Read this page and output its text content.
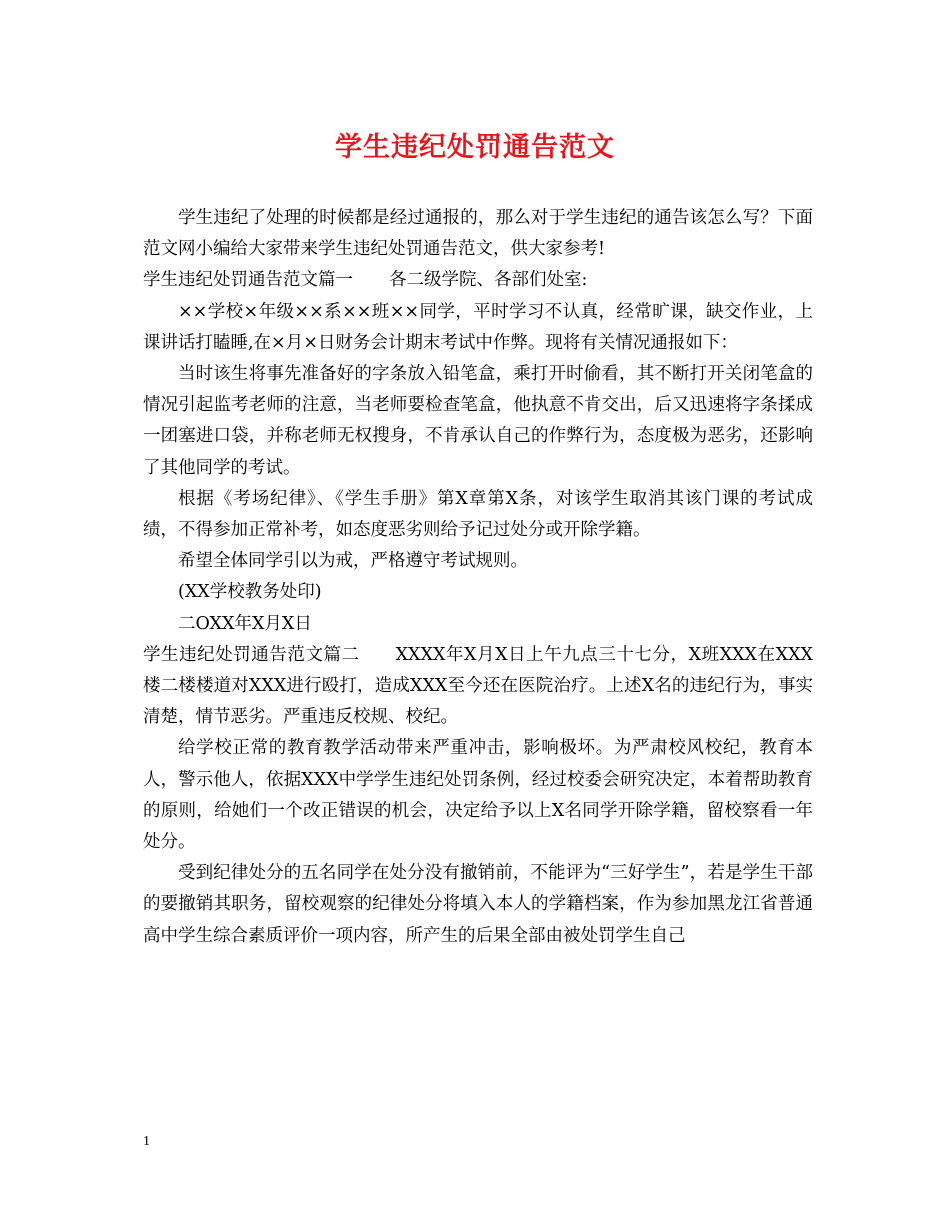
学生违纪处罚通告范文

学生违纪了处理的时候都是经过通报的，那么对于学生违纪的通告该怎么写？下面范文网小编给大家带来学生违纪处罚通告范文，供大家参考!

学生违纪处罚通告范文篇一 各二级学院、各部们处室:

××学校×年级××系××班××同学，平时学习不认真，经常旷课，缺交作业，上课讲话打瞌睡,在×月×日财务会计期末考试中作弊。现将有关情况通报如下：

当时该生将事先准备好的字条放入铅笔盒，乘打开时偷看，其不断打开关闭笔盒的情况引起监考老师的注意，当老师要检查笔盒，他执意不肯交出，后又迅速将字条揉成一团塞进口袋，并称老师无权搜身，不肯承认自己的作弊行为，态度极为恶劣，还影响了其他同学的考试。

根据《考场纪律》、《学生手册》第X章第X条，对该学生取消其该门课的考试成绩，不得参加正常补考，如态度恶劣则给予记过处分或开除学籍。

希望全体同学引以为戒，严格遵守考试规则。

(XX学校教务处印)

二OXX年X月X日

学生违纪处罚通告范文篇二 XXXX年X月X日上午九点三十七分，X班XXX在XXX楼二楼楼道对XXX进行殴打，造成XXX至今还在医院治疗。上述X名的违纪行为，事实清楚，情节恶劣。严重违反校规、校纪。

给学校正常的教育教学活动带来严重冲击，影响极坏。为严肃校风校纪，教育本人，警示他人，依据XXX中学学生违纪处罚条例，经过校委会研究决定，本着帮助教育的原则，给她们一个改正错误的机会，决定给予以上X名同学开除学籍，留校察看一年处分。

受到纪律处分的五名同学在处分没有撤销前，不能评为“三好学生”，若是学生干部的要撤销其职务，留校观察的纪律处分将填入本人的学籍档案，作为参加黑龙江省普通高中学生综合素质评价一项内容，所产生的后果全部由被处罚学生自己

1
